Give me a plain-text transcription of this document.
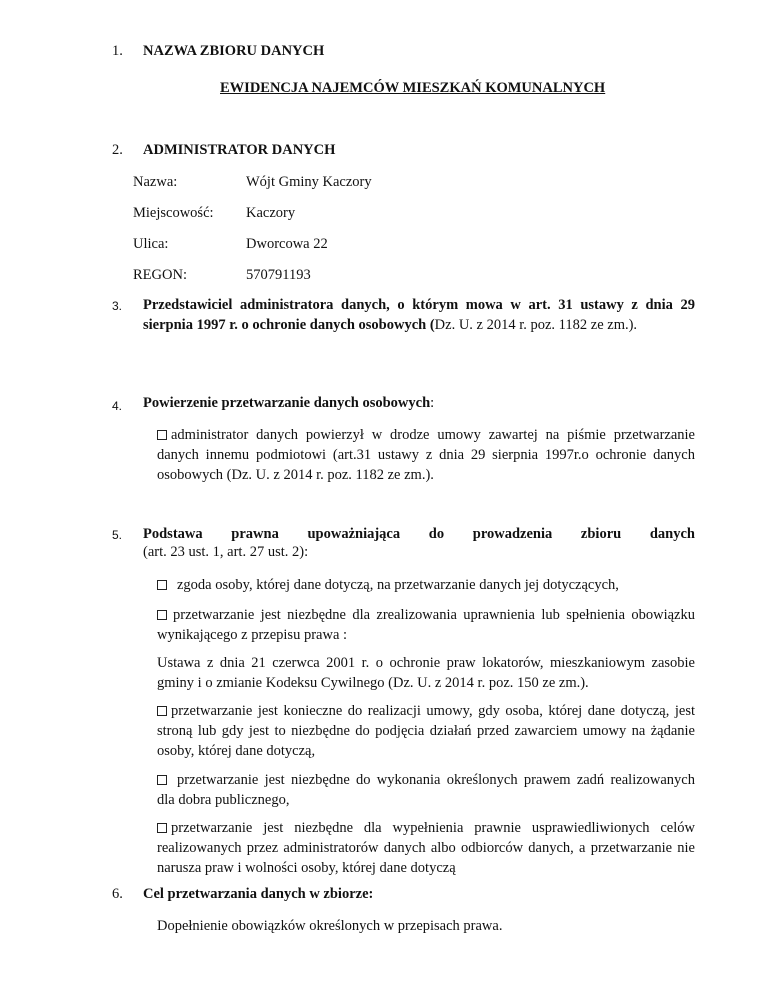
1. NAZWA ZBIORU DANYCH
EWIDENCJA NAJEMCÓW MIESZKAŃ KOMUNALNYCH
2. ADMINISTRATOR DANYCH
Nazwa:	Wójt Gminy Kaczory
Miejscowość: Kaczory
Ulica:	Dworcowa 22
REGON:	570791193
3. Przedstawiciel administratora danych, o którym mowa w art. 31 ustawy z dnia 29 sierpnia 1997 r. o ochronie danych osobowych (Dz. U. z 2014 r. poz. 1182 ze zm.).
4. Powierzenie przetwarzanie danych osobowych:
administrator danych powierzył w drodze umowy zawartej na piśmie przetwarzanie danych innemu podmiotowi (art.31 ustawy z dnia 29 sierpnia 1997r.o ochronie danych osobowych (Dz. U. z 2014 r. poz. 1182 ze zm.).
5. Podstawa prawna upoważniająca do prowadzenia zbioru danych
(art. 23 ust. 1, art. 27 ust. 2):
zgoda osoby, której dane dotyczą, na przetwarzanie danych jej dotyczących,
przetwarzanie jest niezbędne dla zrealizowania uprawnienia lub spełnienia obowiązku wynikającego z przepisu prawa :
Ustawa z dnia 21 czerwca 2001 r. o ochronie praw lokatorów, mieszkaniowym zasobie gminy i o zmianie Kodeksu Cywilnego (Dz. U. z 2014 r. poz. 150 ze zm.).
przetwarzanie jest konieczne do realizacji umowy, gdy osoba, której dane dotyczą, jest stroną lub gdy jest to niezbędne do podjęcia działań przed zawarciem umowy na żądanie osoby, której dane dotyczą,
przetwarzanie jest niezbędne do wykonania określonych prawem zadń realizowanych dla dobra publicznego,
przetwarzanie jest niezbędne dla wypełnienia prawnie usprawiedliwionych celów realizowanych przez administratorów danych albo odbiorców danych, a przetwarzanie nie narusza praw i wolności osoby, której dane dotyczą
6. Cel przetwarzania danych w zbiorze:
Dopełnienie obowiązków określonych w przepisach prawa.
